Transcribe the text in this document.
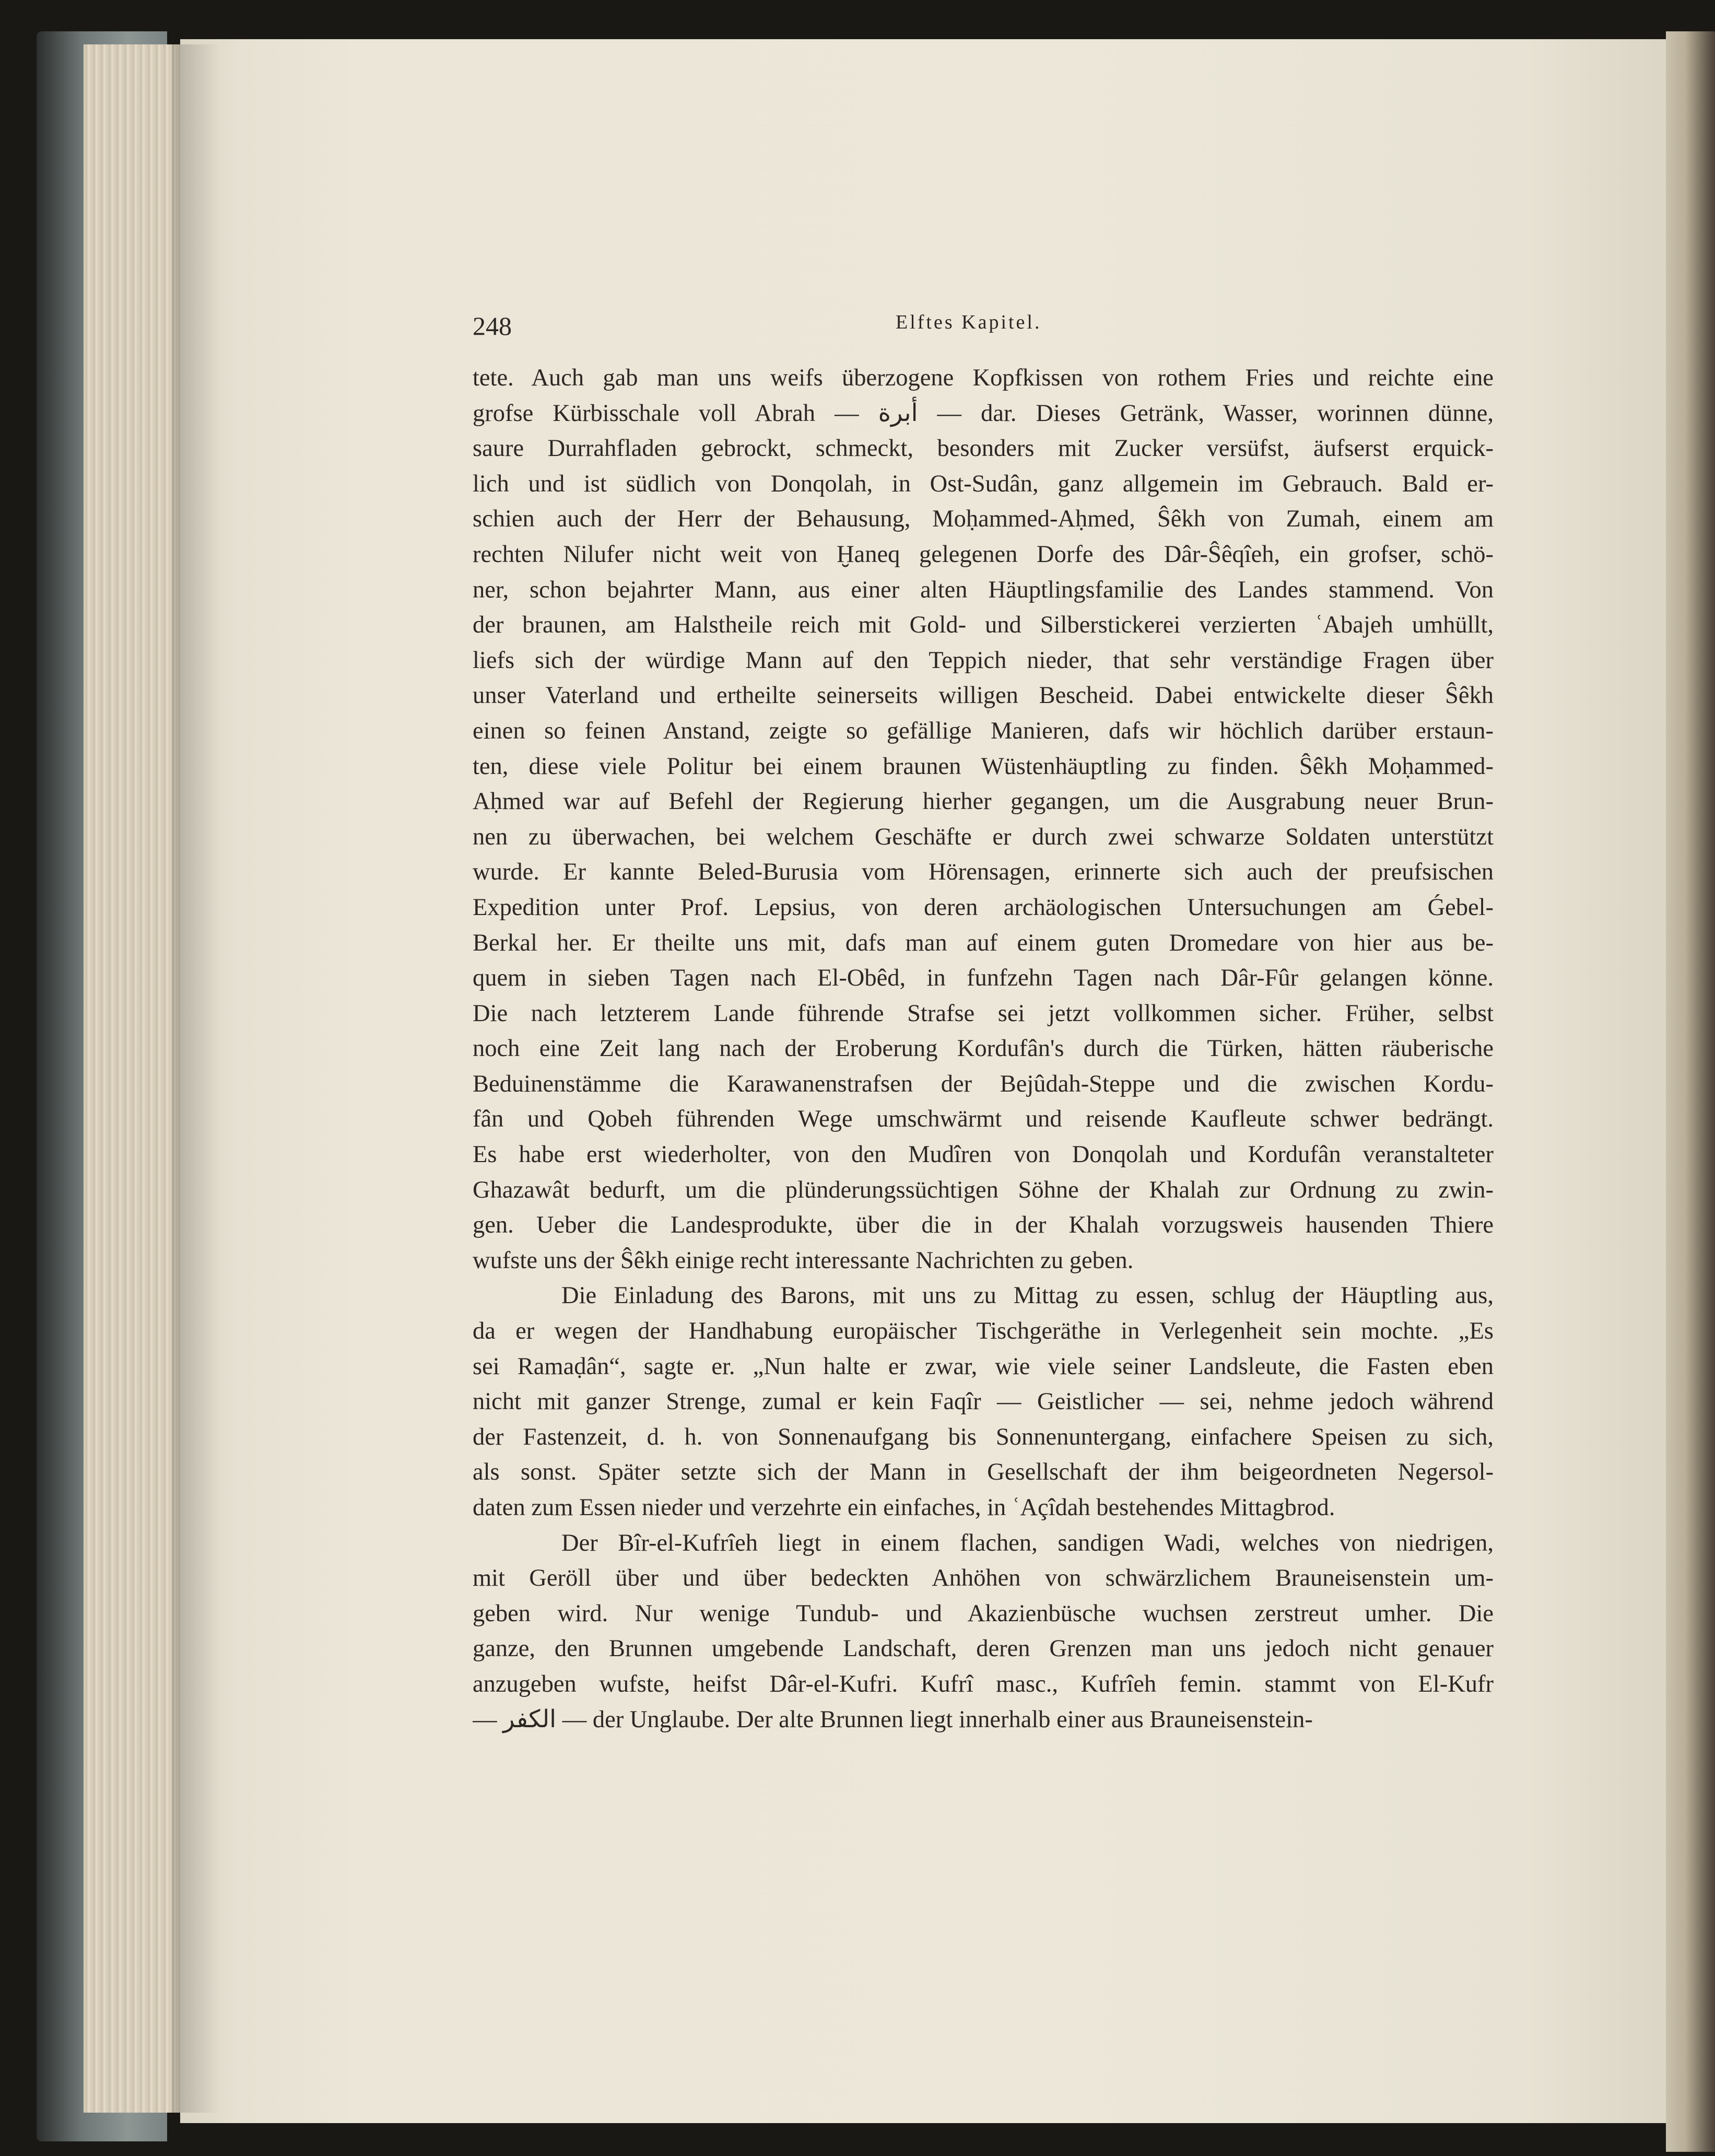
248	Elftes Kapitel.
tete. Auch gab man uns weifs überzogene Kopfkissen von rothem Fries und reichte eine
grofse Kürbisschale voll Abrah — أبرة — dar. Dieses Getränk, Wasser, worinnen dünne,
saure Durrahfladen gebrockt, schmeckt, besonders mit Zucker versüfst, äufserst erquick-
lich und ist südlich von Donqolah, in Ost-Sudân, ganz allgemein im Gebrauch. Bald er-
schien auch der Herr der Behausung, Moḥammed-Aḥmed, Ŝêkh von Zumah, einem am
rechten Nilufer nicht weit von Ḫaneq gelegenen Dorfe des Dâr-Ŝêqîeh, ein grofser, schö-
ner, schon bejahrter Mann, aus einer alten Häuptlingsfamilie des Landes stammend. Von
der braunen, am Halstheile reich mit Gold- und Silberstickerei verzierten ʿAbajeh umhüllt,
liefs sich der würdige Mann auf den Teppich nieder, that sehr verständige Fragen über
unser Vaterland und ertheilte seinerseits willigen Bescheid. Dabei entwickelte dieser Ŝêkh
einen so feinen Anstand, zeigte so gefällige Manieren, dafs wir höchlich darüber erstaun-
ten, diese viele Politur bei einem braunen Wüstenhäuptling zu finden. Ŝêkh Moḥammed-
Aḥmed war auf Befehl der Regierung hierher gegangen, um die Ausgrabung neuer Brun-
nen zu überwachen, bei welchem Geschäfte er durch zwei schwarze Soldaten unterstützt
wurde. Er kannte Beled-Burusia vom Hörensagen, erinnerte sich auch der preufsischen
Expedition unter Prof. Lepsius, von deren archäologischen Untersuchungen am Ǵebel-
Berkal her. Er theilte uns mit, dafs man auf einem guten Dromedare von hier aus be-
quem in sieben Tagen nach El-Obêd, in funfzehn Tagen nach Dâr-Fûr gelangen könne.
Die nach letzterem Lande führende Strafse sei jetzt vollkommen sicher. Früher, selbst
noch eine Zeit lang nach der Eroberung Kordufân's durch die Türken, hätten räuberische
Beduinenstämme die Karawanenstrafsen der Bejûdah-Steppe und die zwischen Kordu-
fân und Qobeh führenden Wege umschwärmt und reisende Kaufleute schwer bedrängt.
Es habe erst wiederholter, von den Mudîren von Donqolah und Kordufân veranstalteter
Ghazawât bedurft, um die plünderungssüchtigen Söhne der Khalah zur Ordnung zu zwin-
gen. Ueber die Landesprodukte, über die in der Khalah vorzugsweis hausenden Thiere
wufste uns der Ŝêkh einige recht interessante Nachrichten zu geben.
Die Einladung des Barons, mit uns zu Mittag zu essen, schlug der Häuptling aus,
da er wegen der Handhabung europäischer Tischgeräthe in Verlegenheit sein mochte. „Es
sei Ramaḍân“, sagte er. „Nun halte er zwar, wie viele seiner Landsleute, die Fasten eben
nicht mit ganzer Strenge, zumal er kein Faqîr — Geistlicher — sei, nehme jedoch während
der Fastenzeit, d. h. von Sonnenaufgang bis Sonnenuntergang, einfachere Speisen zu sich,
als sonst. Später setzte sich der Mann in Gesellschaft der ihm beigeordneten Negersol-
daten zum Essen nieder und verzehrte ein einfaches, in ʿAçîdah bestehendes Mittagbrod.
Der Bîr-el-Kufrîeh liegt in einem flachen, sandigen Wadi, welches von niedrigen,
mit Geröll über und über bedeckten Anhöhen von schwärzlichem Brauneisenstein um-
geben wird. Nur wenige Tundub- und Akazienbüsche wuchsen zerstreut umher. Die
ganze, den Brunnen umgebende Landschaft, deren Grenzen man uns jedoch nicht genauer
anzugeben wufste, heifst Dâr-el-Kufri. Kufrî masc., Kufrîeh femin. stammt von El-Kufr
— الكفر — der Unglaube. Der alte Brunnen liegt innerhalb einer aus Brauneisenstein-
